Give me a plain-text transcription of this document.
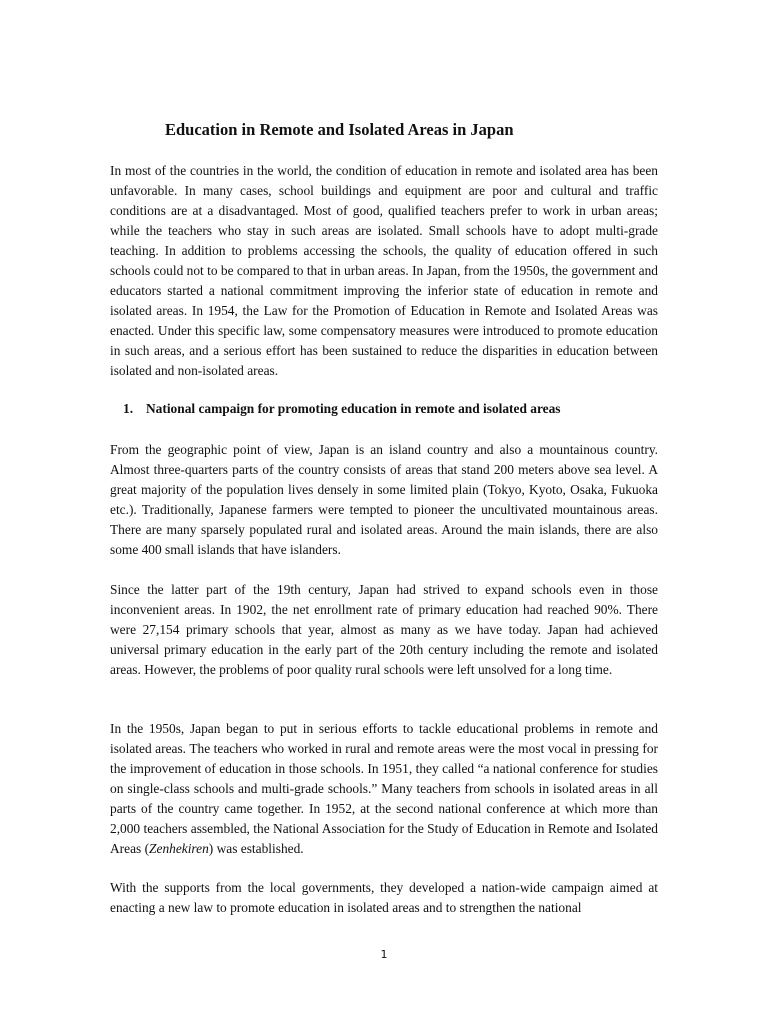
Education in Remote and Isolated Areas in Japan

In most of the countries in the world, the condition of education in remote and isolated area has been unfavorable. In many cases, school buildings and equipment are poor and cultural and traffic conditions are at a disadvantaged. Most of good, qualified teachers prefer to work in urban areas; while the teachers who stay in such areas are isolated. Small schools have to adopt multi-grade teaching. In addition to problems accessing the schools, the quality of education offered in such schools could not to be compared to that in urban areas. In Japan, from the 1950s, the government and educators started a national commitment improving the inferior state of education in remote and isolated areas. In 1954, the Law for the Promotion of Education in Remote and Isolated Areas was enacted. Under this specific law, some compensatory measures were introduced to promote education in such areas, and a serious effort has been sustained to reduce the disparities in education between isolated and non-isolated areas.

1. National campaign for promoting education in remote and isolated areas

From the geographic point of view, Japan is an island country and also a mountainous country. Almost three-quarters parts of the country consists of areas that stand 200 meters above sea level. A great majority of the population lives densely in some limited plain (Tokyo, Kyoto, Osaka, Fukuoka etc.). Traditionally, Japanese farmers were tempted to pioneer the uncultivated mountainous areas. There are many sparsely populated rural and isolated areas. Around the main islands, there are also some 400 small islands that have islanders.

Since the latter part of the 19th century, Japan had strived to expand schools even in those inconvenient areas. In 1902, the net enrollment rate of primary education had reached 90%. There were 27,154 primary schools that year, almost as many as we have today. Japan had achieved universal primary education in the early part of the 20th century including the remote and isolated areas. However, the problems of poor quality rural schools were left unsolved for a long time.

In the 1950s, Japan began to put in serious efforts to tackle educational problems in remote and isolated areas. The teachers who worked in rural and remote areas were the most vocal in pressing for the improvement of education in those schools. In 1951, they called “a national conference for studies on single-class schools and multi-grade schools.” Many teachers from schools in isolated areas in all parts of the country came together. In 1952, at the second national conference at which more than 2,000 teachers assembled, the National Association for the Study of Education in Remote and Isolated Areas (Zenhekiren) was established.

With the supports from the local governments, they developed a nation-wide campaign aimed at enacting a new law to promote education in isolated areas and to strengthen the national

1
